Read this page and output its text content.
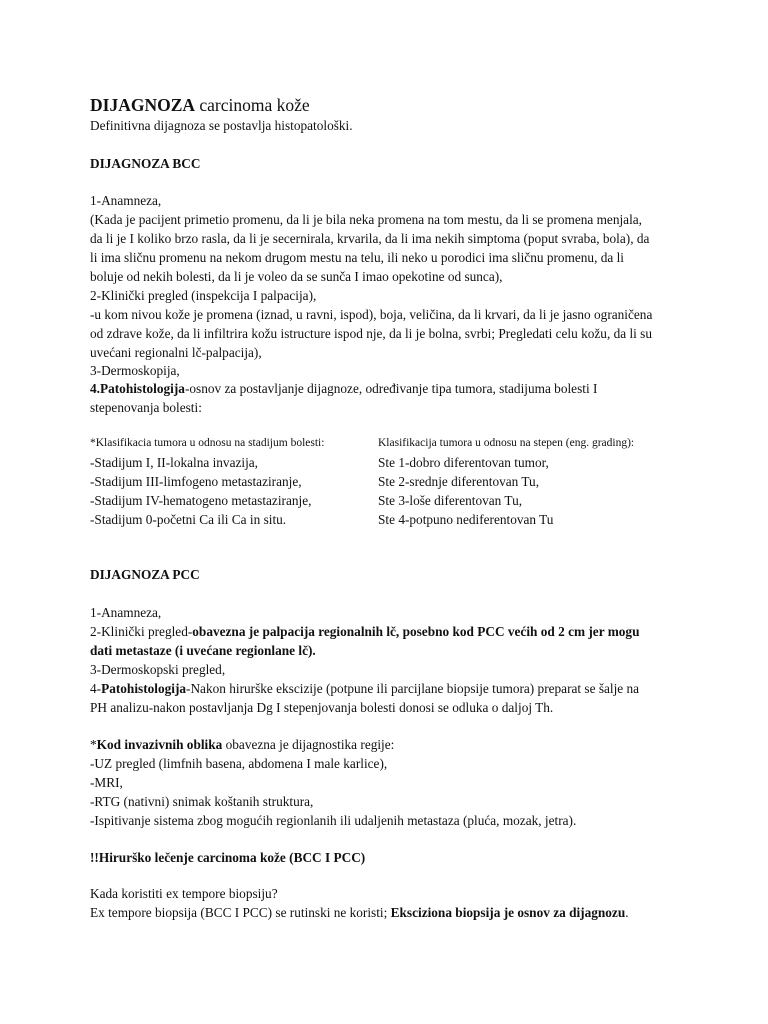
DIJAGNOZA carcinoma kože
Definitivna dijagnoza se postavlja histopatološki.
DIJAGNOZA BCC
1-Anamneza,
(Kada je pacijent primetio promenu, da li je bila neka promena na tom mestu, da li se promena menjala,
da li je I koliko brzo rasla, da li je secernirala, krvarila, da li ima nekih simptoma (poput svraba, bola), da
li ima sličnu promenu na nekom drugom mestu na telu, ili neko u porodici ima sličnu promenu, da li
boluje od nekih bolesti, da li je voleo da se sunča I imao opekotine od sunca),
2-Klinički pregled (inspekcija I palpacija),
-u kom nivou kože je promena (iznad, u ravni, ispod), boja, veličina, da li krvari, da li je jasno ograničena
od zdrave kože, da li infiltrira kožu istructure ispod nje, da li je bolna, svrbi; Pregledati celu kožu, da li su
uvećani regionalni lč-palpacija),
3-Dermoskopija,
4.Patohistologija-osnov za postavljanje dijagnoze, određivanje tipa tumora, stadijuma bolesti I
stepenovanja bolesti:
*Klasifikacia tumora u odnosu na stadijum bolesti:	Klasifikacija tumora u odnosu na stepen (eng. grading):
-Stadijum I, II-lokalna invazija,
-Stadijum III-limfogeno metastaziranje,
-Stadijum IV-hematogeno metastaziranje,
-Stadijum 0-početni Ca ili Ca in situ.
Ste 1-dobro diferentovan tumor,
Ste 2-srednje diferentovan Tu,
Ste 3-loše diferentovan Tu,
Ste 4-potpuno nediferentovan Tu
DIJAGNOZA PCC
1-Anamneza,
2-Klinički pregled-obavezna je palpacija regionalnih lč, posebno kod PCC većih od 2 cm jer mogu
dati metastaze (i uvećane regionlane lč).
3-Dermoskopski pregled,
4-Patohistologija-Nakon hirurške ekscizije (potpune ili parcijlane biopsije tumora) preparat se šalje na
PH analizu-nakon postavljanja Dg I stepenjovanja bolesti donosi se odluka o daljoj Th.
*Kod invazivnih oblika obavezna je dijagnostika regije:
-UZ pregled (limfnih basena, abdomena I male karlice),
-MRI,
-RTG (nativni) snimak koštanih struktura,
-Ispitivanje sistema zbog mogućih regionlanih ili udaljenih metastaza (pluća, mozak, jetra).
!!Hirurško lečenje carcinoma kože (BCC I PCC)
Kada koristiti ex tempore biopsiju?
Ex tempore biopsija (BCC I PCC) se rutinski ne koristi; Eksciziona biopsija je osnov za dijagnozu.
